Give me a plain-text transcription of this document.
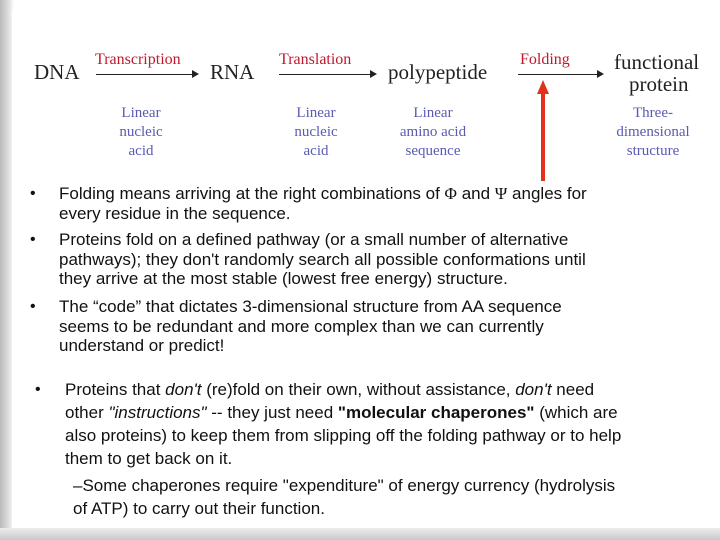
DNA
Transcription
RNA
Translation
polypeptide
Folding functional
protein
Linear
nucleic
acid
Linear
nucleic
acid
Linear
amino acid
sequence
Three-
dimensional
structure
• Folding means arriving at the right combinations of Φ and Ψ angles for
every residue in the sequence.
• Proteins fold on a defined pathway (or a small number of alternative
pathways); they don't randomly search all possible conformations until
they arrive at the most stable (lowest free energy) structure.
• The “code” that dictates 3-dimensional structure from AA sequence
seems to be redundant and more complex than we can currently
understand or predict!
• Proteins that don't (re)fold on their own, without assistance, don't need
other "instructions" -- they just need "molecular chaperones" (which are
also proteins) to keep them from slipping off the folding pathway or to help
them to get back on it.
–Some chaperones require "expenditure" of energy currency (hydrolysis
of ATP) to carry out their function.
